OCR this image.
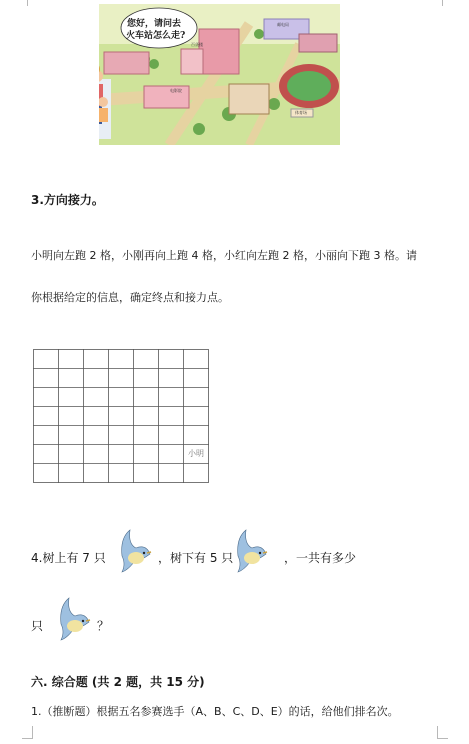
您好，请问去
火车站怎么走?
百货楼
电影院
邮电局
体育场
3.方向接力。
小明向左跑 2 格，小刚再向上跑 4 格，小红向左跑 2 格，小丽向下跑 3 格。请
你根据给定的信息，确定终点和接力点。
小明
4.树上有 7 只	，树下有 5 只	，一共有多少
只	？
六. 综合题 (共 2 题，共 15 分)
1.（推断题）根据五名参赛选手（A、B、C、D、E）的话，给他们排名次。
